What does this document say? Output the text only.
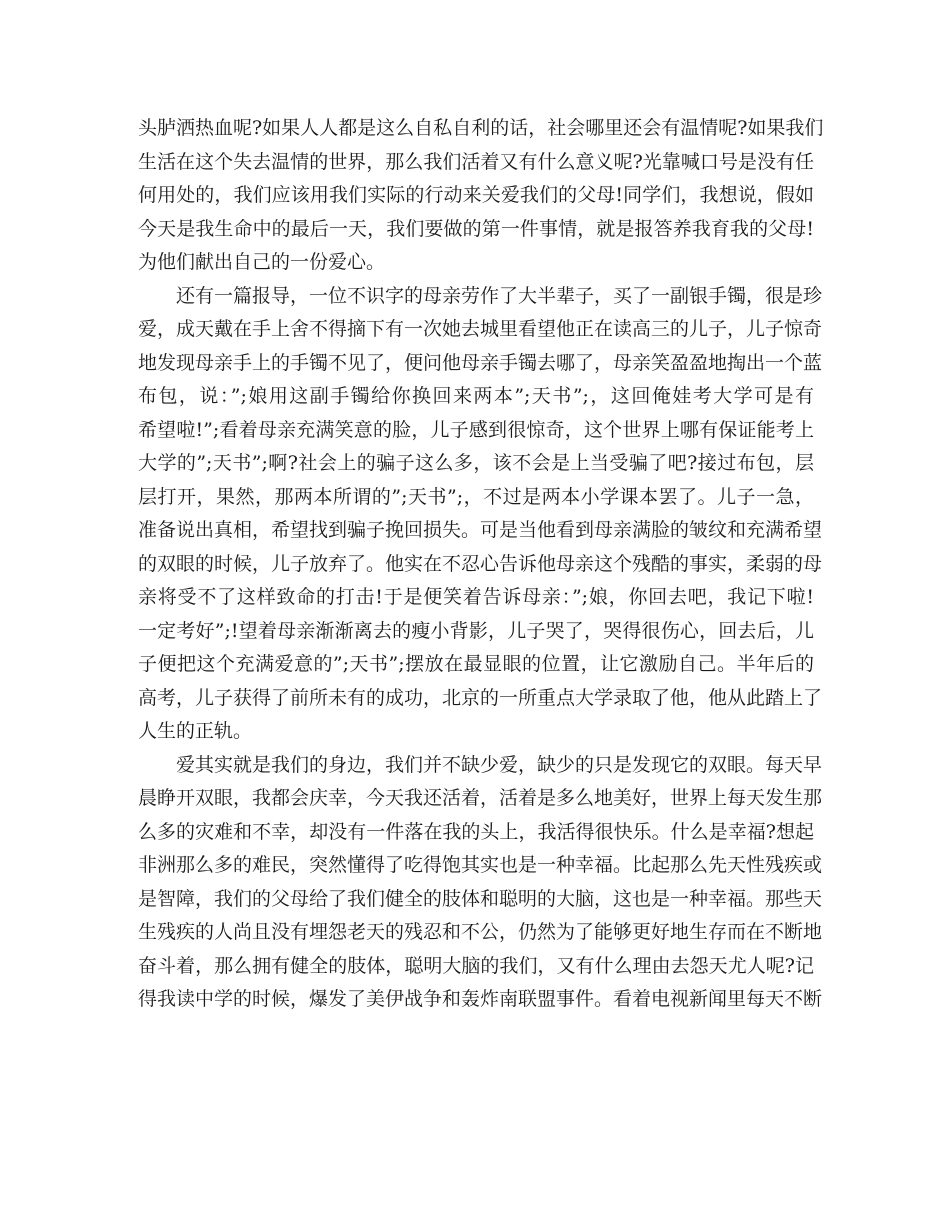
头胪洒热血呢?如果人人都是这么自私自利的话，社会哪里还会有温情呢?如果我们
生活在这个失去温情的世界，那么我们活着又有什么意义呢?光靠喊口号是没有任
何用处的，我们应该用我们实际的行动来关爱我们的父母!同学们，我想说，假如
今天是我生命中的最后一天，我们要做的第一件事情，就是报答养我育我的父母!
为他们献出自己的一份爱心。
还有一篇报导，一位不识字的母亲劳作了大半辈子，买了一副银手镯，很是珍
爱，成天戴在手上舍不得摘下有一次她去城里看望他正在读高三的儿子，儿子惊奇
地发现母亲手上的手镯不见了，便问他母亲手镯去哪了，母亲笑盈盈地掏出一个蓝
布包，说：”;娘用这副手镯给你换回来两本”;天书”;，这回俺娃考大学可是有
希望啦!”;看着母亲充满笑意的脸，儿子感到很惊奇，这个世界上哪有保证能考上
大学的”;天书”;啊?社会上的骗子这么多，该不会是上当受骗了吧?接过布包，层
层打开，果然，那两本所谓的”;天书”;，不过是两本小学课本罢了。儿子一急，
准备说出真相，希望找到骗子挽回损失。可是当他看到母亲满脸的皱纹和充满希望
的双眼的时候，儿子放弃了。他实在不忍心告诉他母亲这个残酷的事实，柔弱的母
亲将受不了这样致命的打击!于是便笑着告诉母亲：”;娘，你回去吧，我记下啦!
一定考好”;!望着母亲渐渐离去的瘦小背影，儿子哭了，哭得很伤心，回去后，儿
子便把这个充满爱意的”;天书”;摆放在最显眼的位置，让它激励自己。半年后的
高考，儿子获得了前所未有的成功，北京的一所重点大学录取了他，他从此踏上了
人生的正轨。
爱其实就是我们的身边，我们并不缺少爱，缺少的只是发现它的双眼。每天早
晨睁开双眼，我都会庆幸，今天我还活着，活着是多么地美好，世界上每天发生那
么多的灾难和不幸，却没有一件落在我的头上，我活得很快乐。什么是幸福?想起
非洲那么多的难民，突然懂得了吃得饱其实也是一种幸福。比起那么先天性残疾或
是智障，我们的父母给了我们健全的肢体和聪明的大脑，这也是一种幸福。那些天
生残疾的人尚且没有埋怨老天的残忍和不公，仍然为了能够更好地生存而在不断地
奋斗着，那么拥有健全的肢体，聪明大脑的我们，又有什么理由去怨天尤人呢?记
得我读中学的时候，爆发了美伊战争和轰炸南联盟事件。看着电视新闻里每天不断
